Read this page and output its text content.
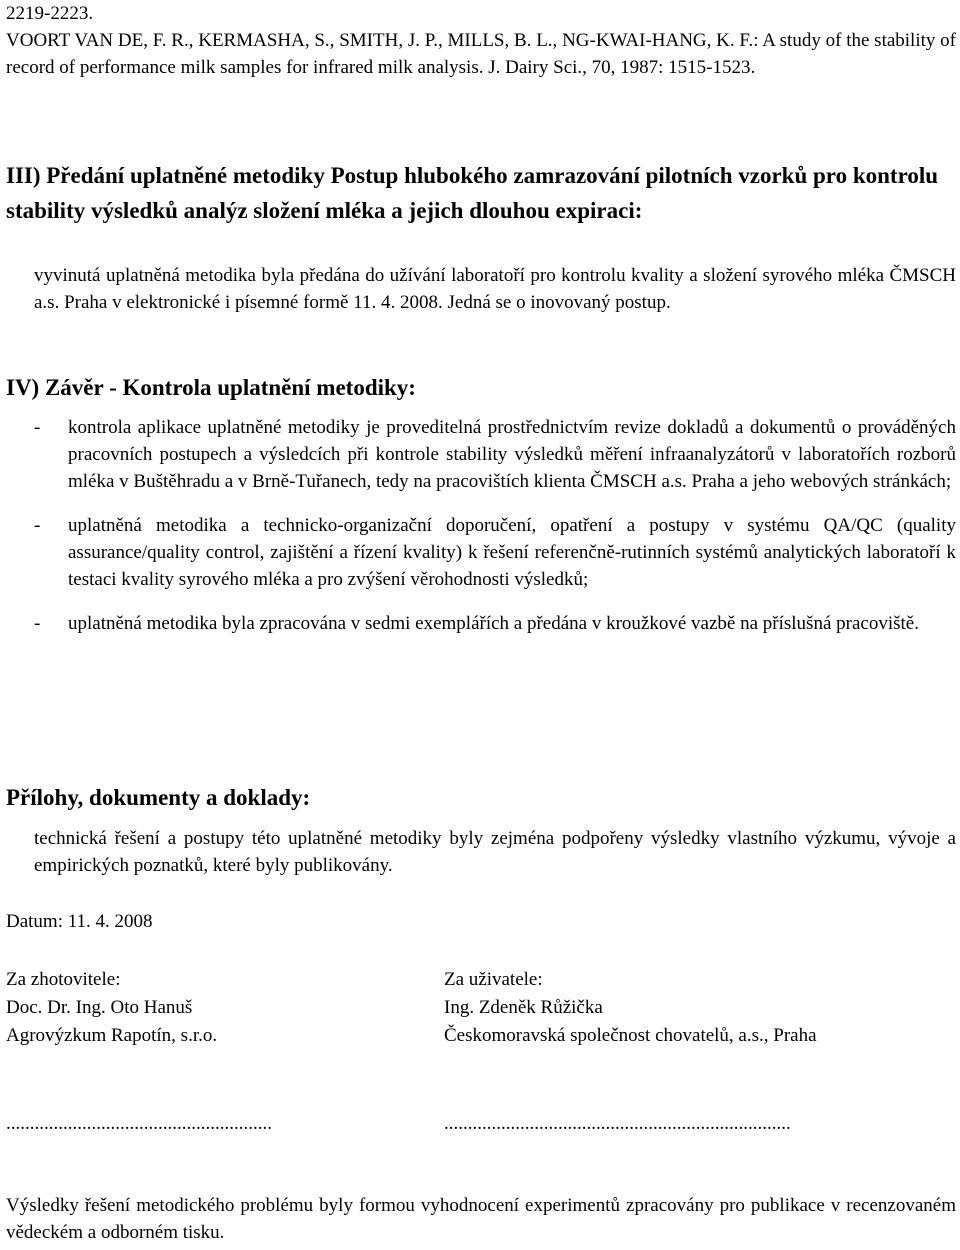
2219-2223.

VOORT VAN DE, F. R., KERMASHA, S., SMITH, J. P., MILLS, B. L., NG-KWAI-HANG, K. F.: A study of the stability of record of performance milk samples for infrared milk analysis. J. Dairy Sci., 70, 1987: 1515-1523.

III) Předání uplatněné metodiky Postup hlubokého zamrazování pilotních vzorků pro kontrolu stability výsledků analýz složení mléka a jejich dlouhou expiraci:

vyvinutá uplatněná metodika byla předána do užívání laboratoří pro kontrolu kvality a složení syrového mléka ČMSCH a.s. Praha v elektronické i písemné formě 11. 4. 2008. Jedná se o inovovaný postup.

IV) Závěr - Kontrola uplatnění metodiky:
- kontrola aplikace uplatněné metodiky je proveditelná prostřednictvím revize dokladů a dokumentů o prováděných pracovních postupech a výsledcích při kontrole stability výsledků měření infraanalyzátorů v laboratořích rozborů mléka v Buštěhradu a v Brně-Tuřanech, tedy na pracovištích klienta ČMSCH a.s. Praha a jeho webových stránkách;
- uplatněná metodika a technicko-organizační doporučení, opatření a postupy v systému QA/QC (quality assurance/quality control, zajištění a řízení kvality) k řešení referenčně-rutinních systémů analytických laboratoří k testaci kvality syrového mléka a pro zvýšení věrohodnosti výsledků;
- uplatněná metodika byla zpracována v sedmi exemplářích a předána v kroužkové vazbě na příslušná pracoviště.
Přílohy, dokumenty a doklady:

technická řešení a postupy této uplatněné metodiky byly zejména podpořeny výsledky vlastního výzkumu, vývoje a empirických poznatků, které byly publikovány.

Datum: 11. 4. 2008

Za zhotovitele:

Doc. Dr. Ing. Oto Hanuš

Agrovýzkum Rapotín, s.r.o.

Za uživatele:

Ing. Zdeněk Růžička

Českomoravská společnost chovatelů, a.s., Praha

........................................................	.........................................................................

Výsledky řešení metodického problému byly formou vyhodnocení experimentů zpracovány pro publikace v recenzovaném vědeckém a odborném tisku.
